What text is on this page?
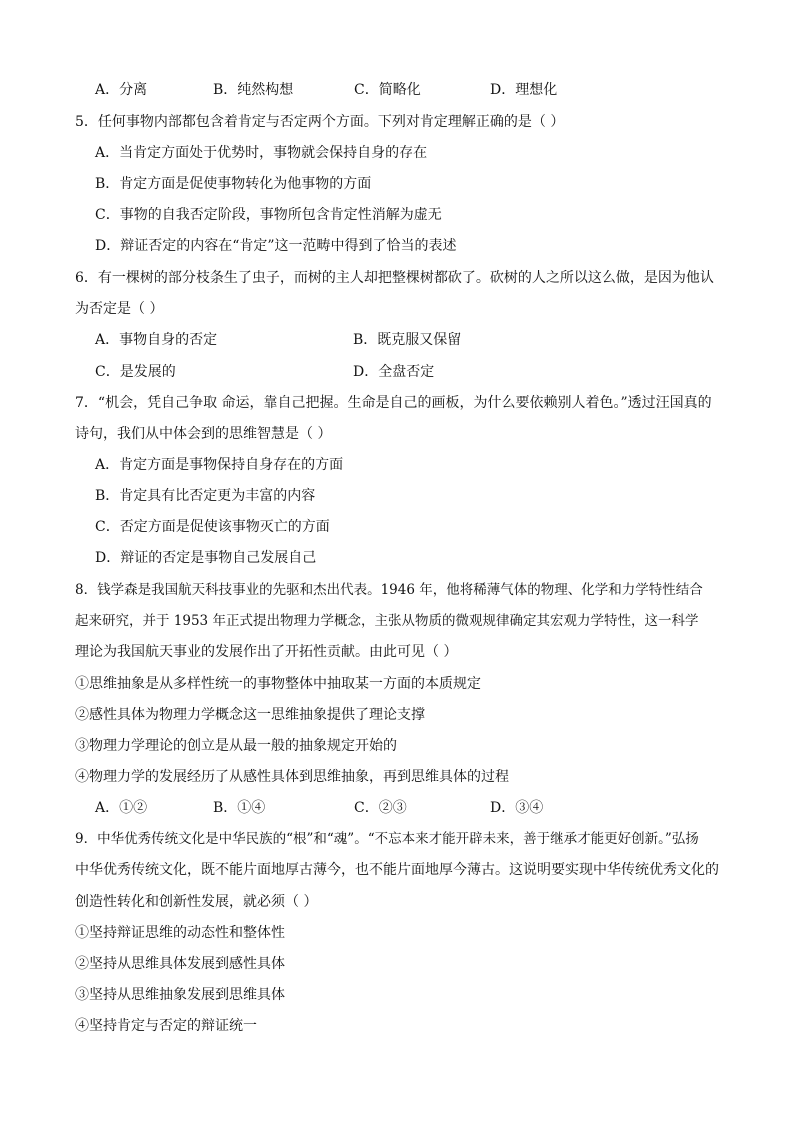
A．分离	B．纯然构想	C．简略化	D．理想化
5．任何事物内部都包含着肯定与否定两个方面。下列对肯定理解正确的是（ ）
A．当肯定方面处于优势时，事物就会保持自身的存在
B．肯定方面是促使事物转化为他事物的方面
C．事物的自我否定阶段，事物所包含肯定性消解为虚无
D．辩证否定的内容在“肯定”这一范畴中得到了恰当的表述
6．有一棵树的部分枝条生了虫子，而树的主人却把整棵树都砍了。砍树的人之所以这么做，是因为他认
为否定是（ ）
A．事物自身的否定	B．既克服又保留
C．是发展的	D．全盘否定
7．“机会，凭自己争取 命运，靠自己把握。生命是自己的画板，为什么要依赖别人着色。”透过汪国真的
诗句，我们从中体会到的思维智慧是（ ）
A．肯定方面是事物保持自身存在的方面
B．肯定具有比否定更为丰富的内容
C．否定方面是促使该事物灭亡的方面
D．辩证的否定是事物自己发展自己
8．钱学森是我国航天科技事业的先驱和杰出代表。1946 年，他将稀薄气体的物理、化学和力学特性结合
起来研究，并于 1953 年正式提出物理力学概念，主张从物质的微观规律确定其宏观力学特性，这一科学
理论为我国航天事业的发展作出了开拓性贡献。由此可见（ ）
①思维抽象是从多样性统一的事物整体中抽取某一方面的本质规定
②感性具体为物理力学概念这一思维抽象提供了理论支撑
③物理力学理论的创立是从最一般的抽象规定开始的
④物理力学的发展经历了从感性具体到思维抽象，再到思维具体的过程
A．①②	B．①④	C．②③	D．③④
9．中华优秀传统文化是中华民族的“根”和“魂”。“不忘本来才能开辟未来，善于继承才能更好创新。”弘扬
中华优秀传统文化，既不能片面地厚古薄今，也不能片面地厚今薄古。这说明要实现中华传统优秀文化的
创造性转化和创新性发展，就必须（ ）
①坚持辩证思维的动态性和整体性
②坚持从思维具体发展到感性具体
③坚持从思维抽象发展到思维具体
④坚持肯定与否定的辩证统一
